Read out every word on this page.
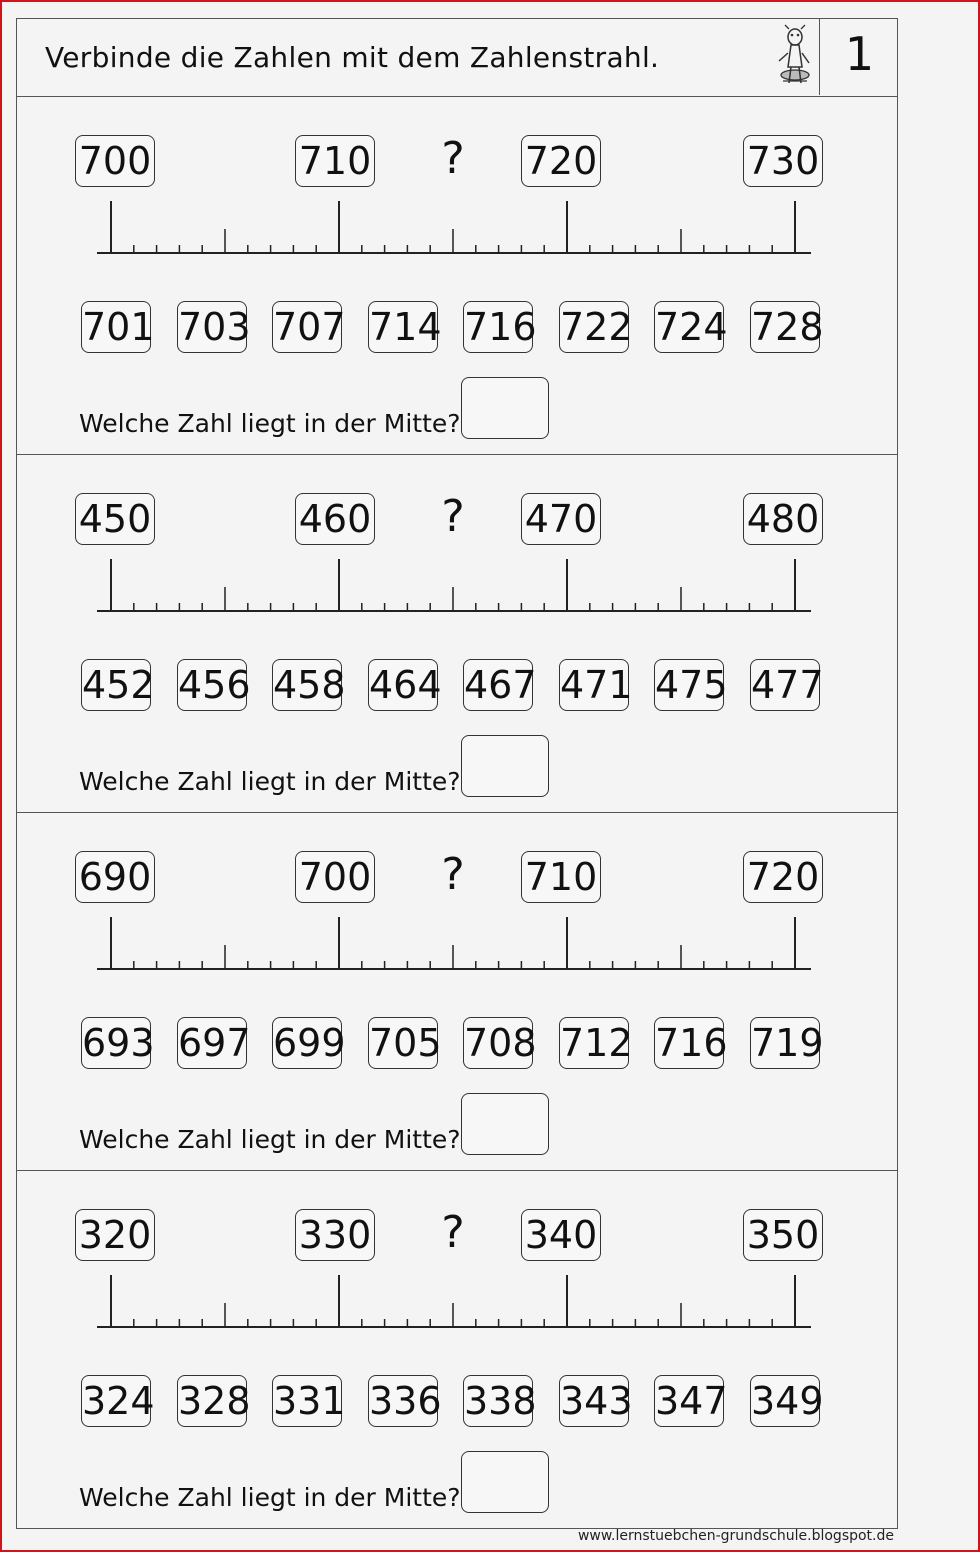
Verbinde die Zahlen mit dem Zahlenstrahl.	1
700	710	720	730
?
701 703 707 714 716 722 724 728
Welche Zahl liegt in der Mitte?
450	460	470	480
?
452 456 458 464 467 471 475 477
Welche Zahl liegt in der Mitte?
690	700	710	720
?
693 697 699 705 708 712 716 719
Welche Zahl liegt in der Mitte?
320	330	340	350
?
324 328 331 336 338 343 347 349
Welche Zahl liegt in der Mitte?
www.lernstuebchen-grundschule.blogspot.de
